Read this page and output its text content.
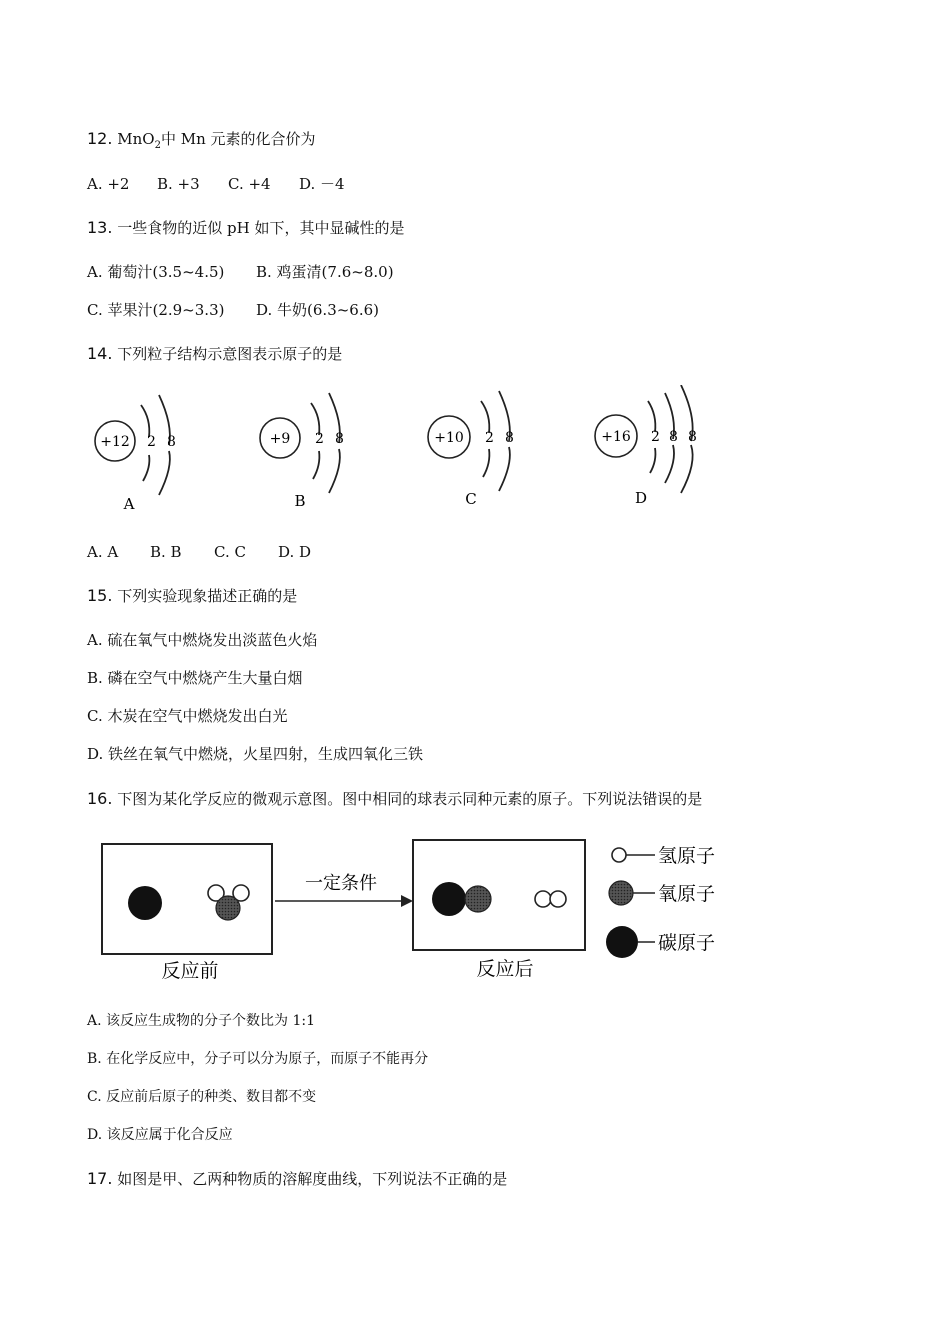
12. MnO$_2$中 Mn 元素的化合价为
A. +2 B. +3 C. +4 D. －4
13. 一些食物的近似 pH 如下，其中显碱性的是
A. 葡萄汁(3.5~4.5) B. 鸡蛋清(7.6~8.0)
C. 苹果汁(2.9~3.3) D. 牛奶(6.3~6.6)
14. 下列粒子结构示意图表示原子的是
+12 2 8
A
+9 2 8
B
+10 2 8
C
+16 2 8 8
D
A. A B. B C. C D. D
15. 下列实验现象描述正确的是
A. 硫在氧气中燃烧发出淡蓝色火焰
B. 磷在空气中燃烧产生大量白烟
C. 木炭在空气中燃烧发出白光
D. 铁丝在氧气中燃烧，火星四射，生成四氧化三铁
16. 下图为某化学反应的微观示意图。图中相同的球表示同种元素的原子。下列说法错误的是
反应前
一定条件
反应后
氢原子
氧原子
碳原子
A. 该反应生成物的分子个数比为 1:1
B. 在化学反应中，分子可以分为原子，而原子不能再分
C. 反应前后原子的种类、数目都不变
D. 该反应属于化合反应
17. 如图是甲、乙两种物质的溶解度曲线，下列说法不正确的是
